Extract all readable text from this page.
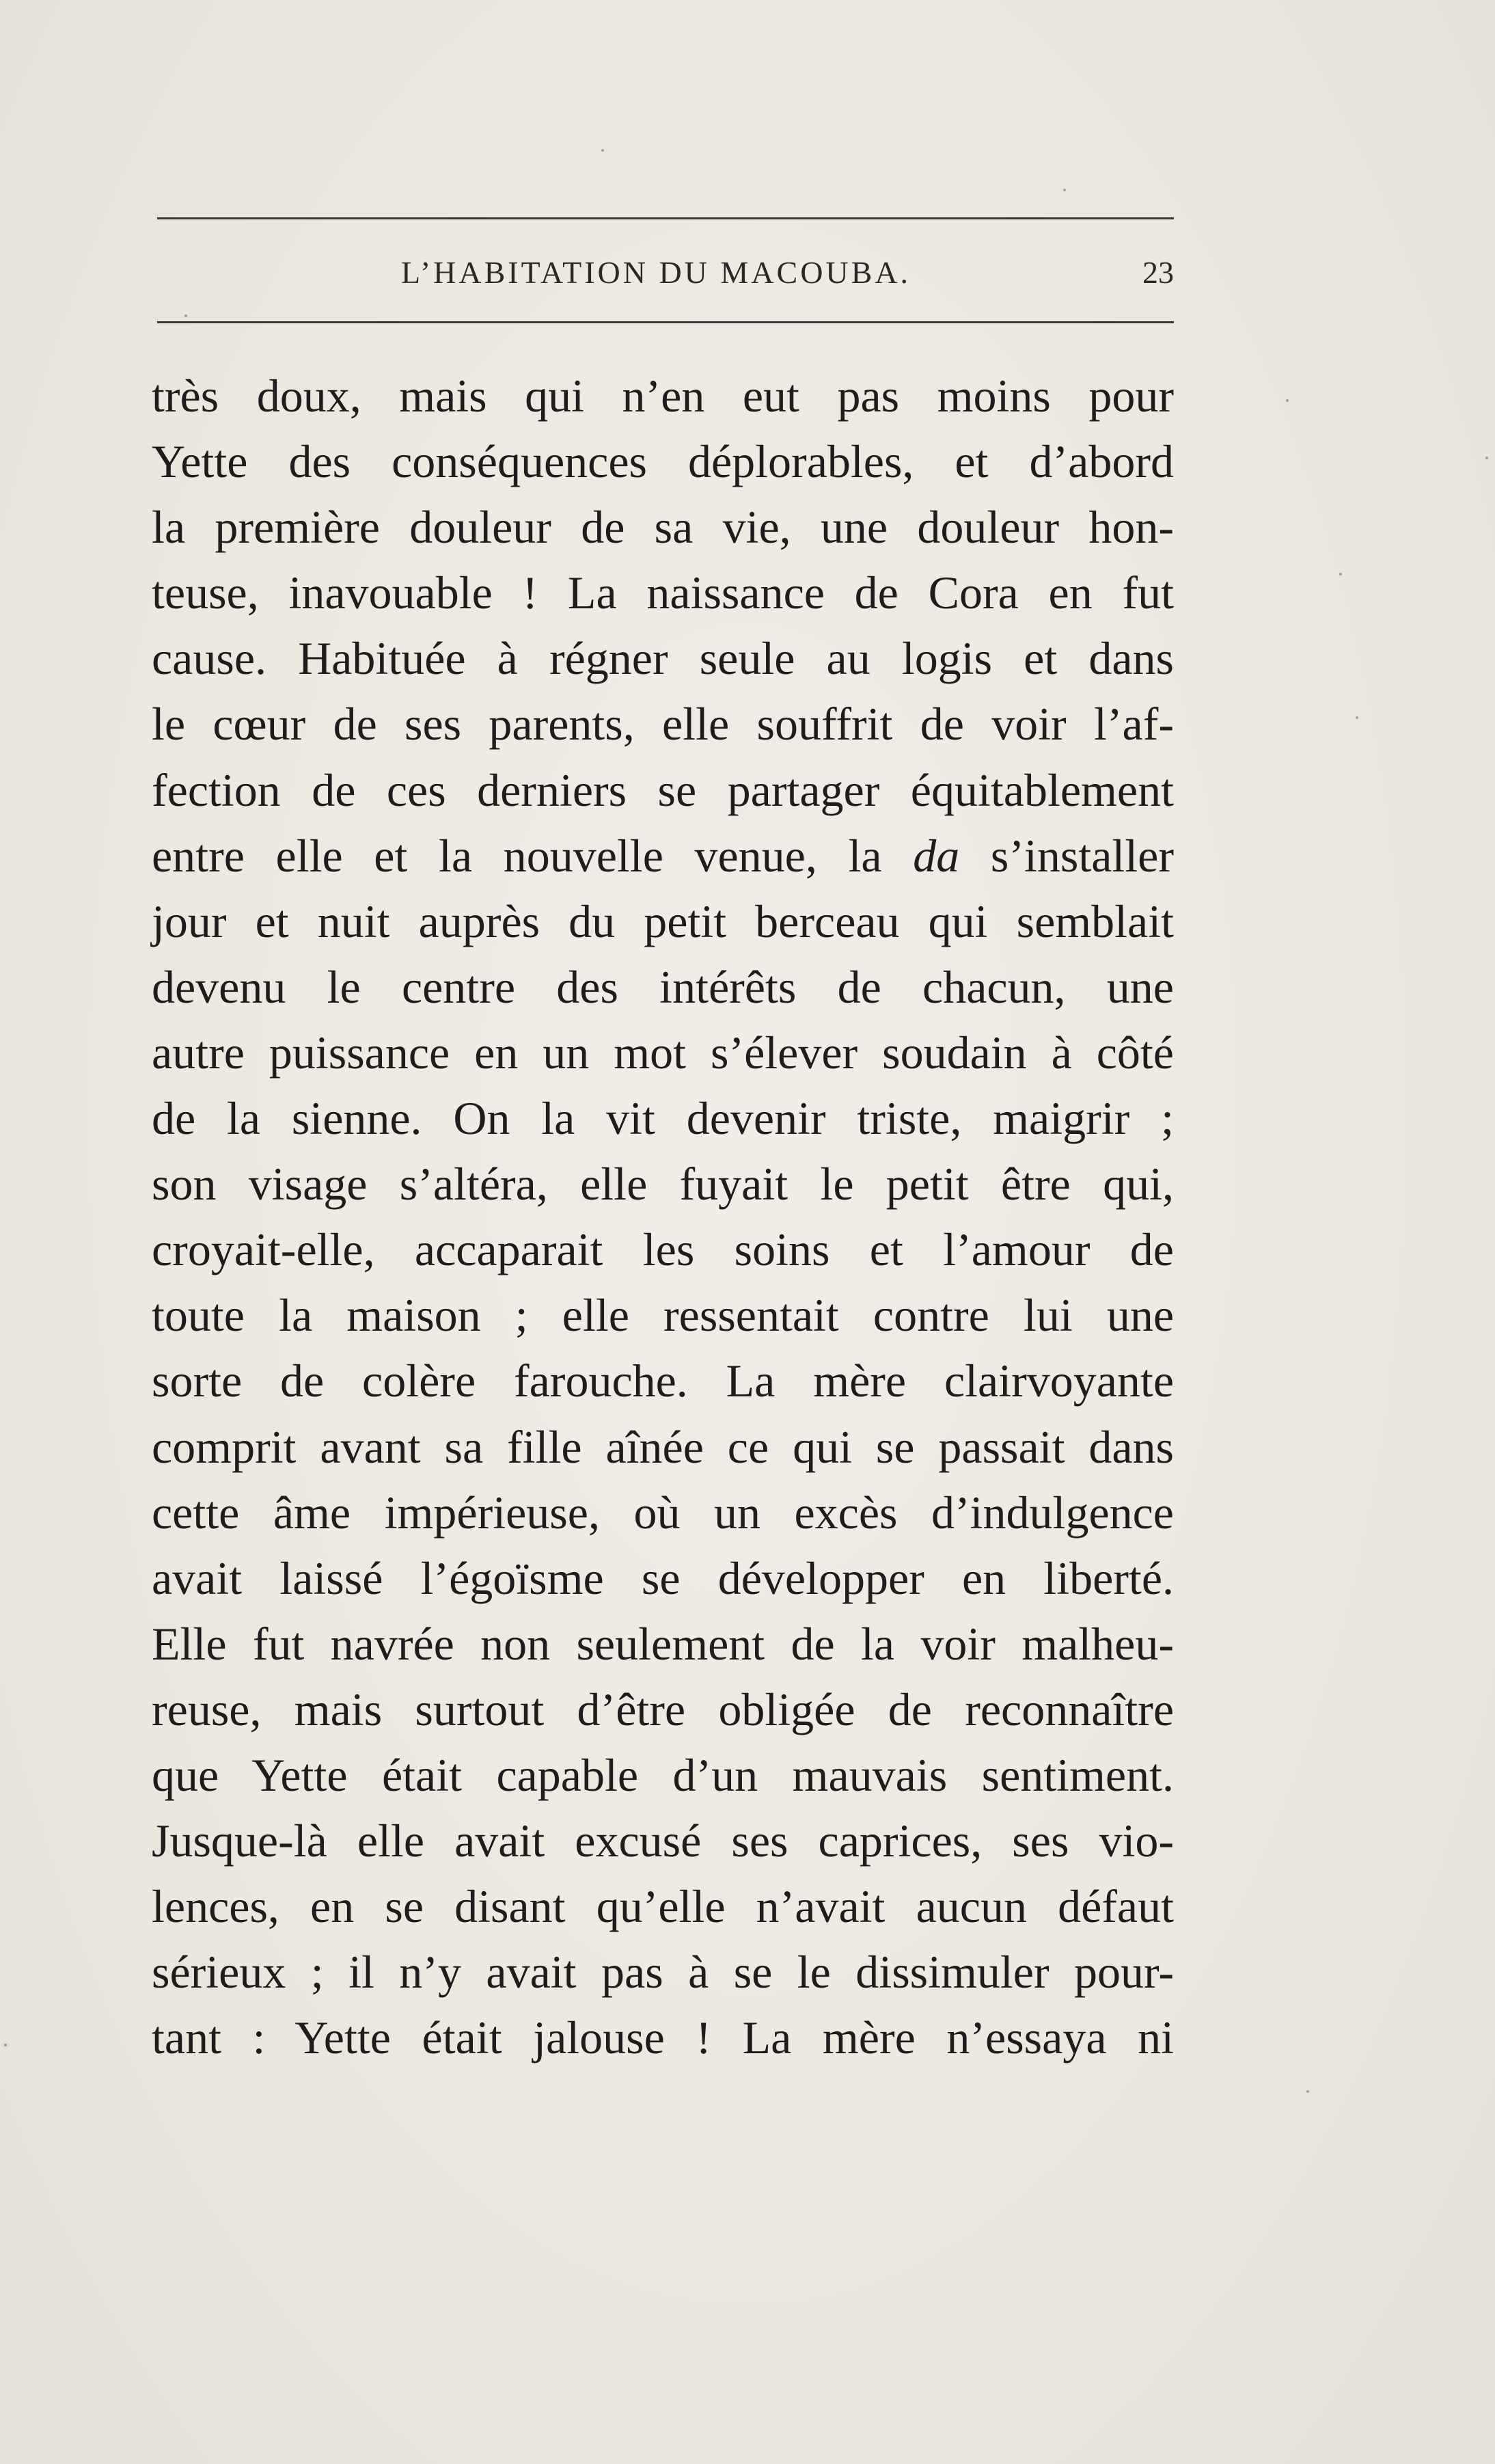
L’HABITATION DU MACOUBA.	23
très doux, mais qui n’en eut pas moins pour
Yette des conséquences déplorables, et d’abord
la première douleur de sa vie, une douleur hon-
teuse, inavouable ! La naissance de Cora en fut
cause. Habituée à régner seule au logis et dans
le cœur de ses parents, elle souffrit de voir l’af-
fection de ces derniers se partager équitablement
entre elle et la nouvelle venue, la da s’installer
jour et nuit auprès du petit berceau qui semblait
devenu le centre des intérêts de chacun, une
autre puissance en un mot s’élever soudain à côté
de la sienne. On la vit devenir triste, maigrir ;
son visage s’altéra, elle fuyait le petit être qui,
croyait-elle, accaparait les soins et l’amour de
toute la maison ; elle ressentait contre lui une
sorte de colère farouche. La mère clairvoyante
comprit avant sa fille aînée ce qui se passait dans
cette âme impérieuse, où un excès d’indulgence
avait laissé l’égoïsme se développer en liberté.
Elle fut navrée non seulement de la voir malheu-
reuse, mais surtout d’être obligée de reconnaître
que Yette était capable d’un mauvais sentiment.
Jusque-là elle avait excusé ses caprices, ses vio-
lences, en se disant qu’elle n’avait aucun défaut
sérieux ; il n’y avait pas à se le dissimuler pour-
tant : Yette était jalouse ! La mère n’essaya ni
